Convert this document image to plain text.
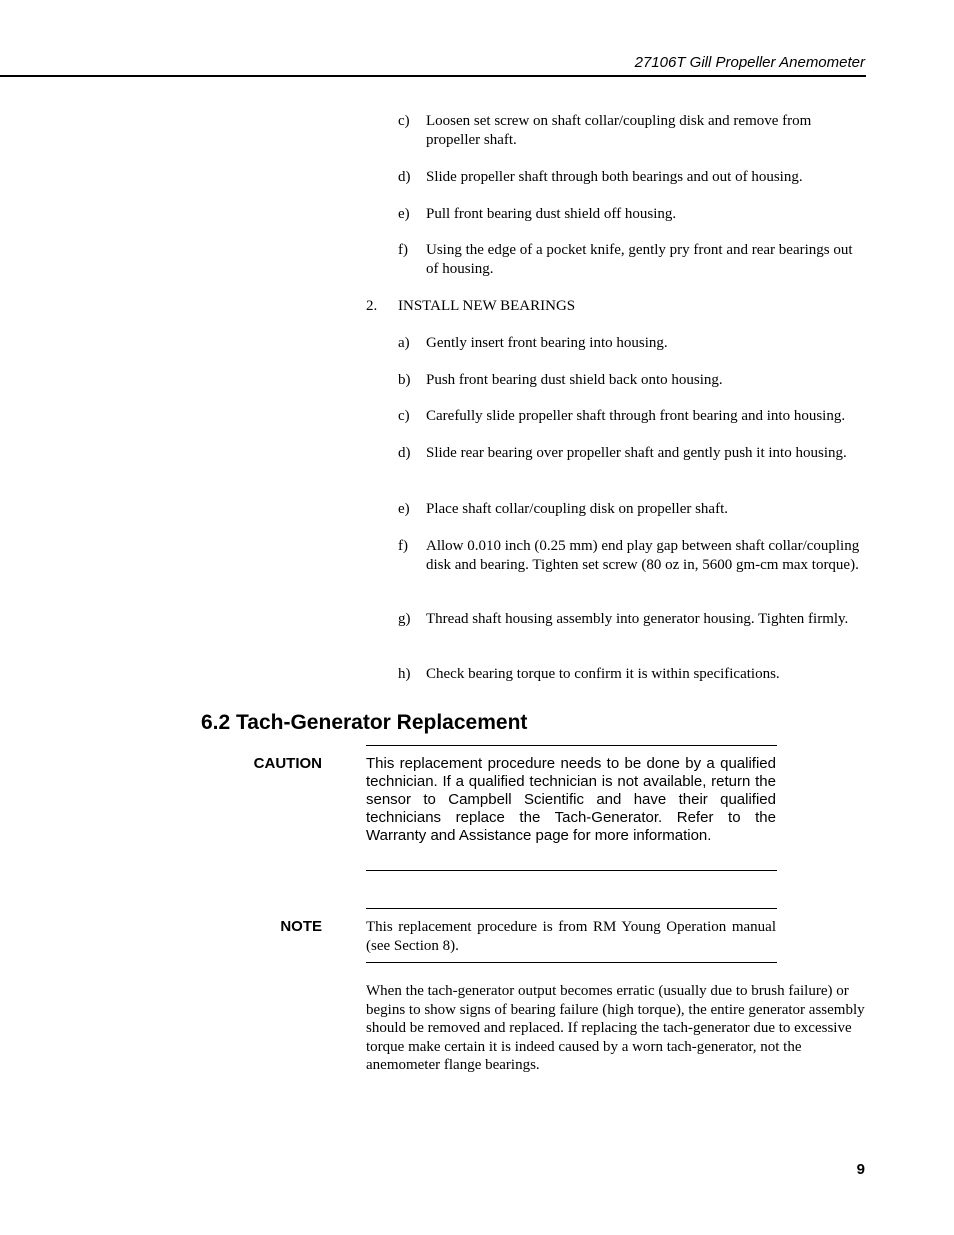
27106T Gill Propeller Anemometer
c) Loosen set screw on shaft collar/coupling disk and remove from propeller shaft.
d) Slide propeller shaft through both bearings and out of housing.
e) Pull front bearing dust shield off housing.
f) Using the edge of a pocket knife, gently pry front and rear bearings out of housing.
2. INSTALL NEW BEARINGS
a) Gently insert front bearing into housing.
b) Push front bearing dust shield back onto housing.
c) Carefully slide propeller shaft through front bearing and into housing.
d) Slide rear bearing over propeller shaft and gently push it into housing.
e) Place shaft collar/coupling disk on propeller shaft.
f) Allow 0.010 inch (0.25 mm) end play gap between shaft collar/coupling disk and bearing. Tighten set screw (80 oz in, 5600 gm-cm max torque).
g) Thread shaft housing assembly into generator housing. Tighten firmly.
h) Check bearing torque to confirm it is within specifications.
6.2 Tach-Generator Replacement
CAUTION	This replacement procedure needs to be done by a qualified technician. If a qualified technician is not available, return the sensor to Campbell Scientific and have their qualified technicians replace the Tach-Generator. Refer to the Warranty and Assistance page for more information.
NOTE	This replacement procedure is from RM Young Operation manual (see Section 8).
When the tach-generator output becomes erratic (usually due to brush failure) or begins to show signs of bearing failure (high torque), the entire generator assembly should be removed and replaced. If replacing the tach-generator due to excessive torque make certain it is indeed caused by a worn tach-generator, not the anemometer flange bearings.
9
